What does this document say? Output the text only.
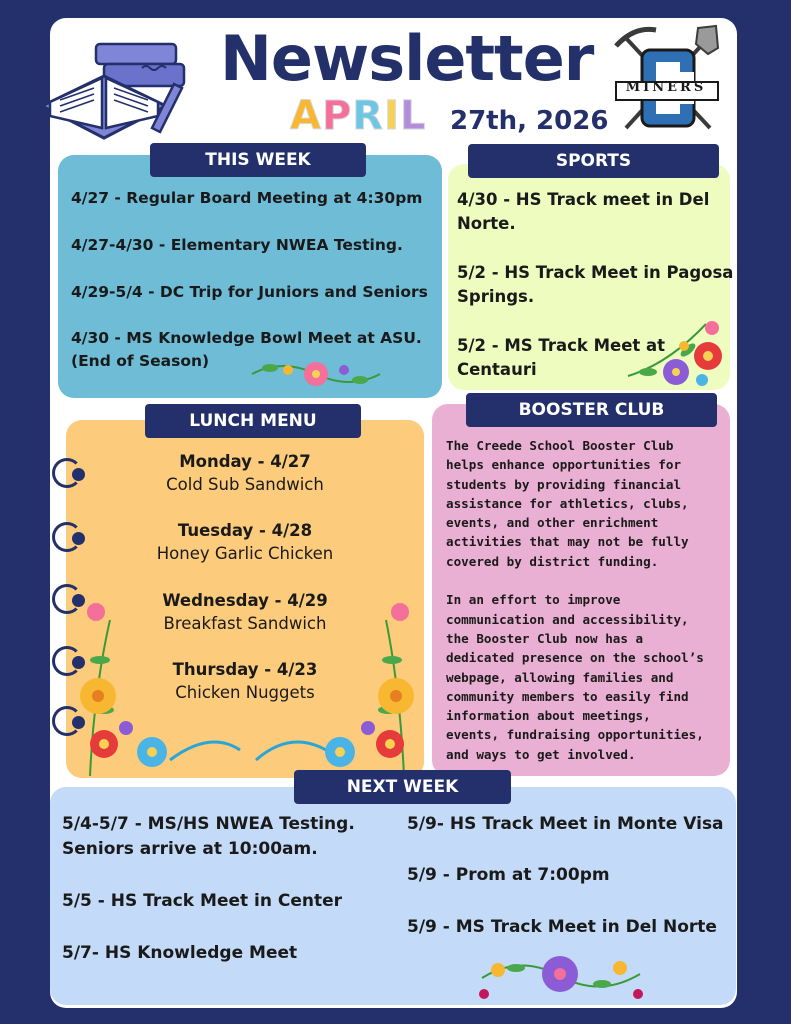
Newsletter
APRIL 27th, 2026
MINERS
THIS WEEK
4/27 - Regular Board Meeting at 4:30pm
4/27-4/30 - Elementary NWEA Testing.
4/29-5/4 - DC Trip for Juniors and Seniors
4/30 - MS Knowledge Bowl Meet at ASU.
(End of Season)
SPORTS
4/30 - HS Track meet in Del
Norte.
5/2 - HS Track Meet in Pagosa
Springs.
5/2 - MS Track Meet at
Centauri
LUNCH MENU
Monday - 4/27
Cold Sub Sandwich
Tuesday - 4/28
Honey Garlic Chicken
Wednesday - 4/29
Breakfast Sandwich
Thursday - 4/23
Chicken Nuggets
BOOSTER CLUB
The Creede School Booster Club
helps enhance opportunities for
students by providing financial
assistance for athletics, clubs,
events, and other enrichment
activities that may not be fully
covered by district funding.

In an effort to improve
communication and accessibility,
the Booster Club now has a
dedicated presence on the school’s
webpage, allowing families and
community members to easily find
information about meetings,
events, fundraising opportunities,
and ways to get involved.
NEXT WEEK
5/4-5/7 - MS/HS NWEA Testing.
Seniors arrive at 10:00am.
5/5 - HS Track Meet in Center
5/7- HS Knowledge Meet
5/9- HS Track Meet in Monte Visa
5/9 - Prom at 7:00pm
5/9 - MS Track Meet in Del Norte
